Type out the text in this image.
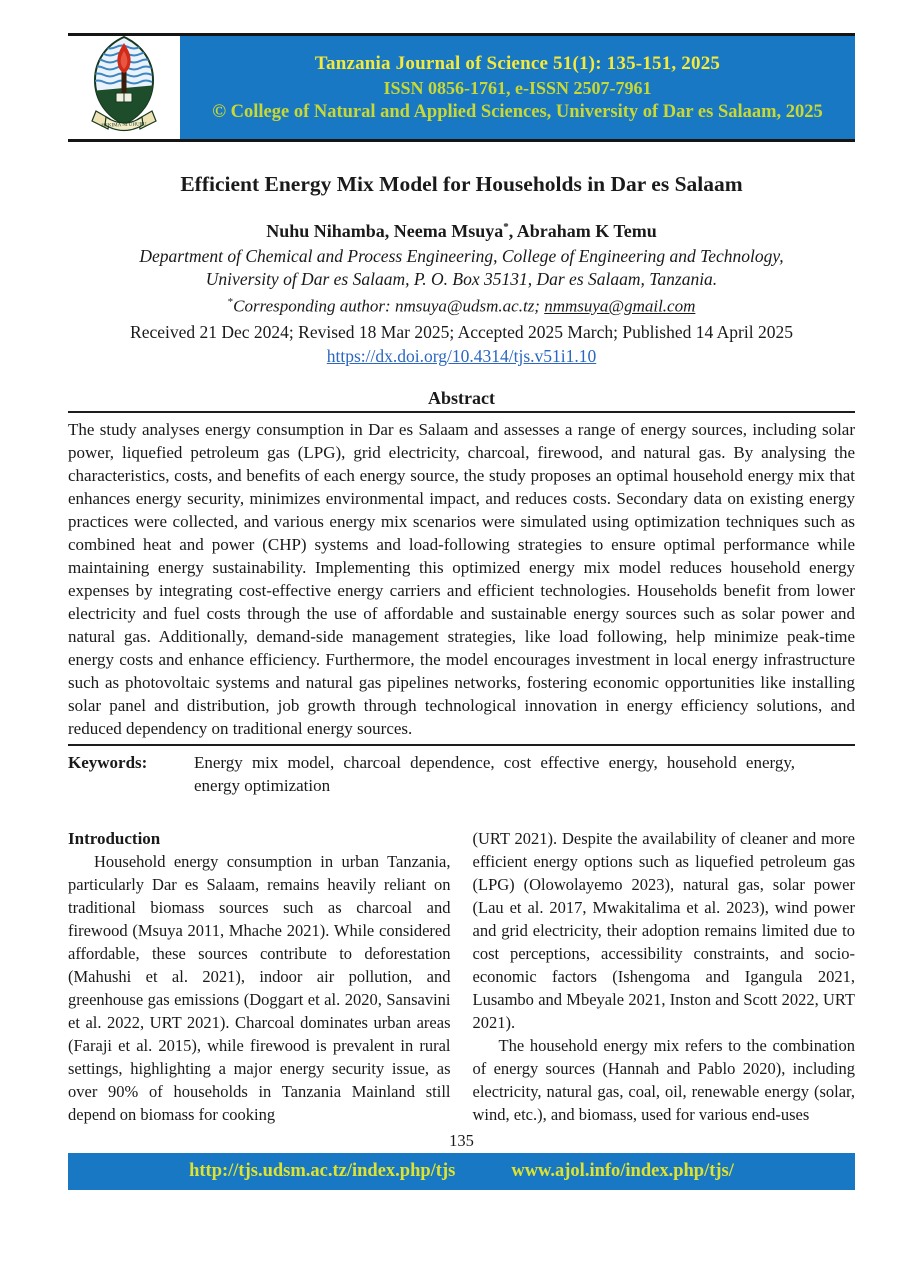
HEKIMA NI UHURU
Tanzania Journal of Science 51(1): 135-151, 2025
ISSN 0856-1761, e-ISSN 2507-7961
© College of Natural and Applied Sciences, University of Dar es Salaam, 2025
Efficient Energy Mix Model for Households in Dar es Salaam
Nuhu Nihamba, Neema Msuya*, Abraham K Temu
Department of Chemical and Process Engineering, College of Engineering and Technology,
University of Dar es Salaam, P. O. Box 35131, Dar es Salaam, Tanzania.
*Corresponding author: nmsuya@udsm.ac.tz; nmmsuya@gmail.com
Received 21 Dec 2024; Revised 18 Mar 2025; Accepted 2025 March; Published 14 April 2025
https://dx.doi.org/10.4314/tjs.v51i1.10
Abstract

The study analyses energy consumption in Dar es Salaam and assesses a range of energy sources, including solar power, liquefied petroleum gas (LPG), grid electricity, charcoal, firewood, and natural gas. By analysing the characteristics, costs, and benefits of each energy source, the study proposes an optimal household energy mix that enhances energy security, minimizes environmental impact, and reduces costs. Secondary data on existing energy practices were collected, and various energy mix scenarios were simulated using optimization techniques such as combined heat and power (CHP) systems and load-following strategies to ensure optimal performance while maintaining energy sustainability. Implementing this optimized energy mix model reduces household energy expenses by integrating cost-effective energy carriers and efficient technologies. Households benefit from lower electricity and fuel costs through the use of affordable and sustainable energy sources such as solar power and natural gas. Additionally, demand-side management strategies, like load following, help minimize peak-time energy costs and enhance efficiency. Furthermore, the model encourages investment in local energy infrastructure such as photovoltaic systems and natural gas pipelines networks, fostering economic opportunities like installing solar panel and distribution, job growth through technological innovation in energy efficiency solutions, and reduced dependency on traditional energy sources.

Keywords:	Energy mix model, charcoal dependence, cost effective energy, household energy, energy optimization
Introduction

Household energy consumption in urban Tanzania, particularly Dar es Salaam, remains heavily reliant on traditional biomass sources such as charcoal and firewood (Msuya 2011, Mhache 2021). While considered affordable, these sources contribute to deforestation (Mahushi et al. 2021), indoor air pollution, and greenhouse gas emissions (Doggart et al. 2020, Sansavini et al. 2022, URT 2021). Charcoal dominates urban areas (Faraji et al. 2015), while firewood is prevalent in rural settings, highlighting a major energy security issue, as over 90% of households in Tanzania Mainland still depend on biomass for cooking

(URT 2021). Despite the availability of cleaner and more efficient energy options such as liquefied petroleum gas (LPG) (Olowolayemo 2023), natural gas, solar power (Lau et al. 2017, Mwakitalima et al. 2023), wind power and grid electricity, their adoption remains limited due to cost perceptions, accessibility constraints, and socio-economic factors (Ishengoma and Igangula 2021, Lusambo and Mbeyale 2021, Inston and Scott 2022, URT 2021).

The household energy mix refers to the combination of energy sources (Hannah and Pablo 2020), including electricity, natural gas, coal, oil, renewable energy (solar, wind, etc.), and biomass, used for various end-uses

135
http://tjs.udsm.ac.tz/index.php/tjs	www.ajol.info/index.php/tjs/
